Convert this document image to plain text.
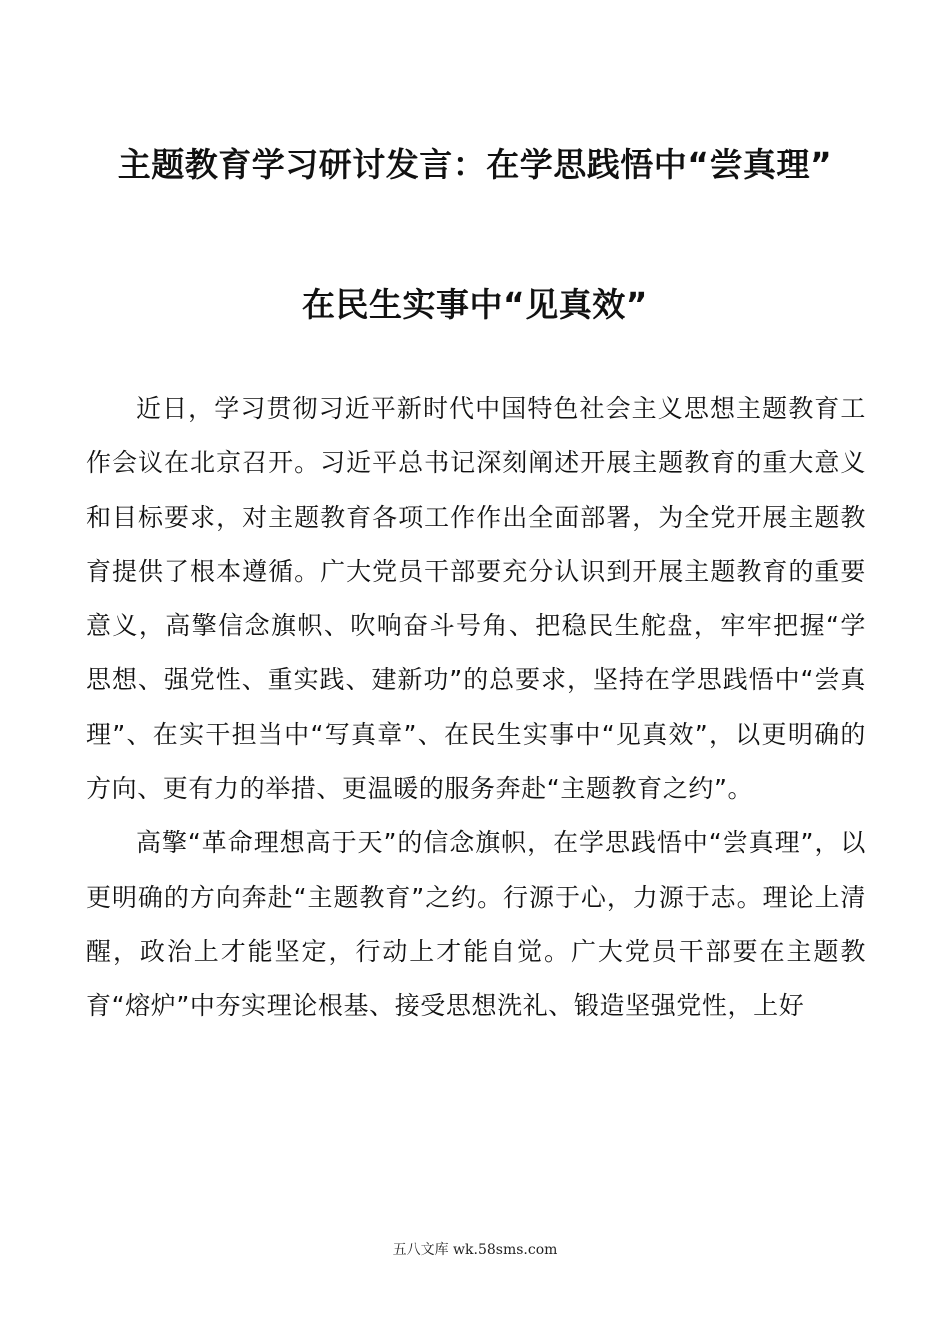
主题教育学习研讨发言：在学思践悟中“尝真理”
在民生实事中“见真效”

近日，学习贯彻习近平新时代中国特色社会主义思想主题教育工作会议在北京召开。习近平总书记深刻阐述开展主题教育的重大意义和目标要求，对主题教育各项工作作出全面部署，为全党开展主题教育提供了根本遵循。广大党员干部要充分认识到开展主题教育的重要意义，高擎信念旗帜、吹响奋斗号角、把稳民生舵盘，牢牢把握“学思想、强党性、重实践、建新功”的总要求，坚持在学思践悟中“尝真理”、在实干担当中“写真章”、在民生实事中“见真效”，以更明确的方向、更有力的举措、更温暖的服务奔赴“主题教育之约”。

高擎“革命理想高于天”的信念旗帜，在学思践悟中“尝真理”，以更明确的方向奔赴“主题教育”之约。行源于心，力源于志。理论上清醒，政治上才能坚定，行动上才能自觉。广大党员干部要在主题教育“熔炉”中夯实理论根基、接受思想洗礼、锻造坚强党性，上好

五八文库 wk.58sms.com
